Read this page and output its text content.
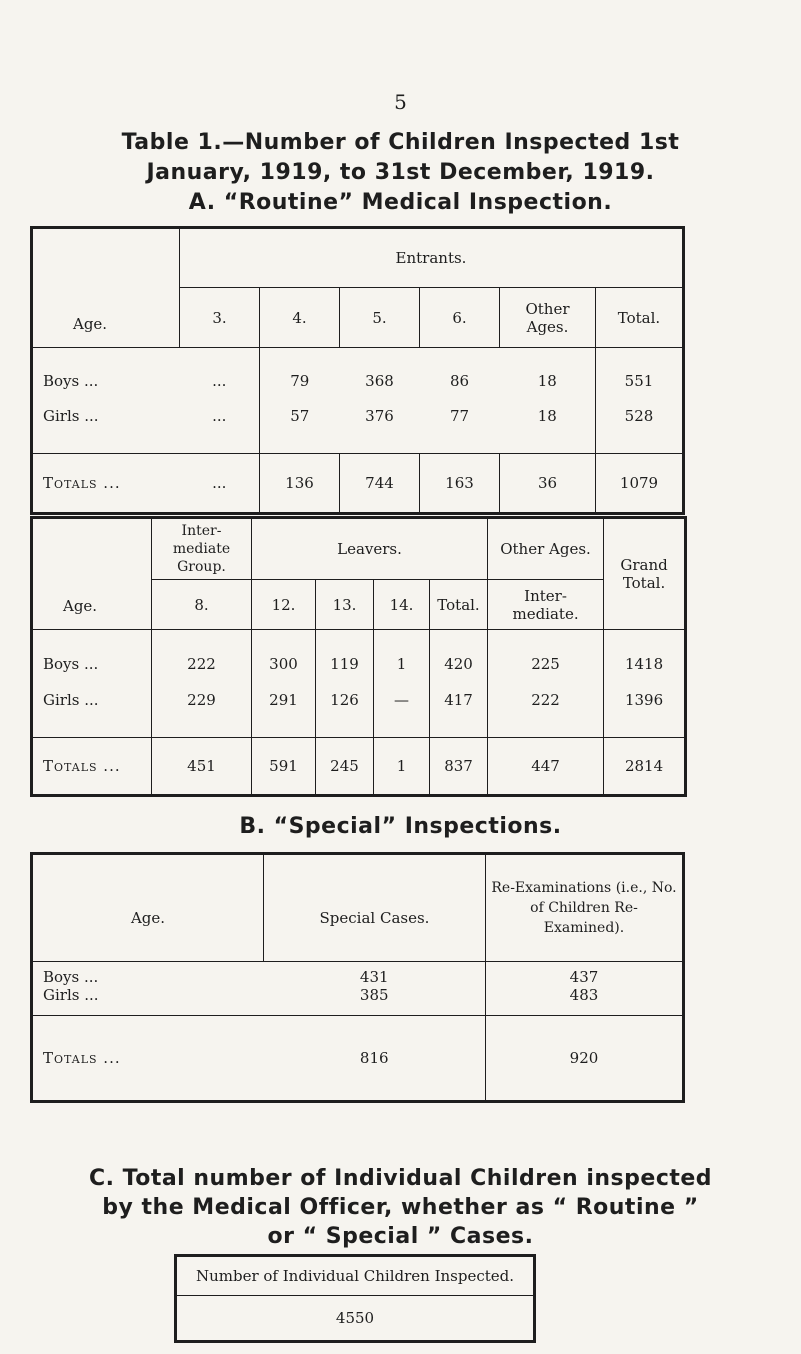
5
Table 1.—Number of Children Inspected 1st
January, 1919, to 31st December, 1919.
A. “Routine” Medical Inspection.
Age.	Entrants.					
	3.	4.	5.	6.	Other Ages.	Total.
Boys ...	...	79	368	86	18	551
Girls ...	...	57	376	77	18	528
Totals ...	...	136	744	163	36	1079
Age.	Inter-mediate Group.	Leavers.				Other Ages.	Grand Total.
	8.	12.	13.	14.	Total.	Inter-mediate.	
Boys ...	222	300	119	1	420	225	1418
Girls ...	229	291	126	—	417	222	1396
Totals ...	451	591	245	1	837	447	2814
B. “Special” Inspections.
Age.	Special Cases.	Re-Examinations (i.e., No. of Children Re-Examined).
Boys ...	431	437
Girls ...	385	483
Totals ...	816	920
C. Total number of Individual Children inspected
by the Medical Officer, whether as “ Routine ”
or “ Special ” Cases.
Number of Individual Children Inspected.
4550
